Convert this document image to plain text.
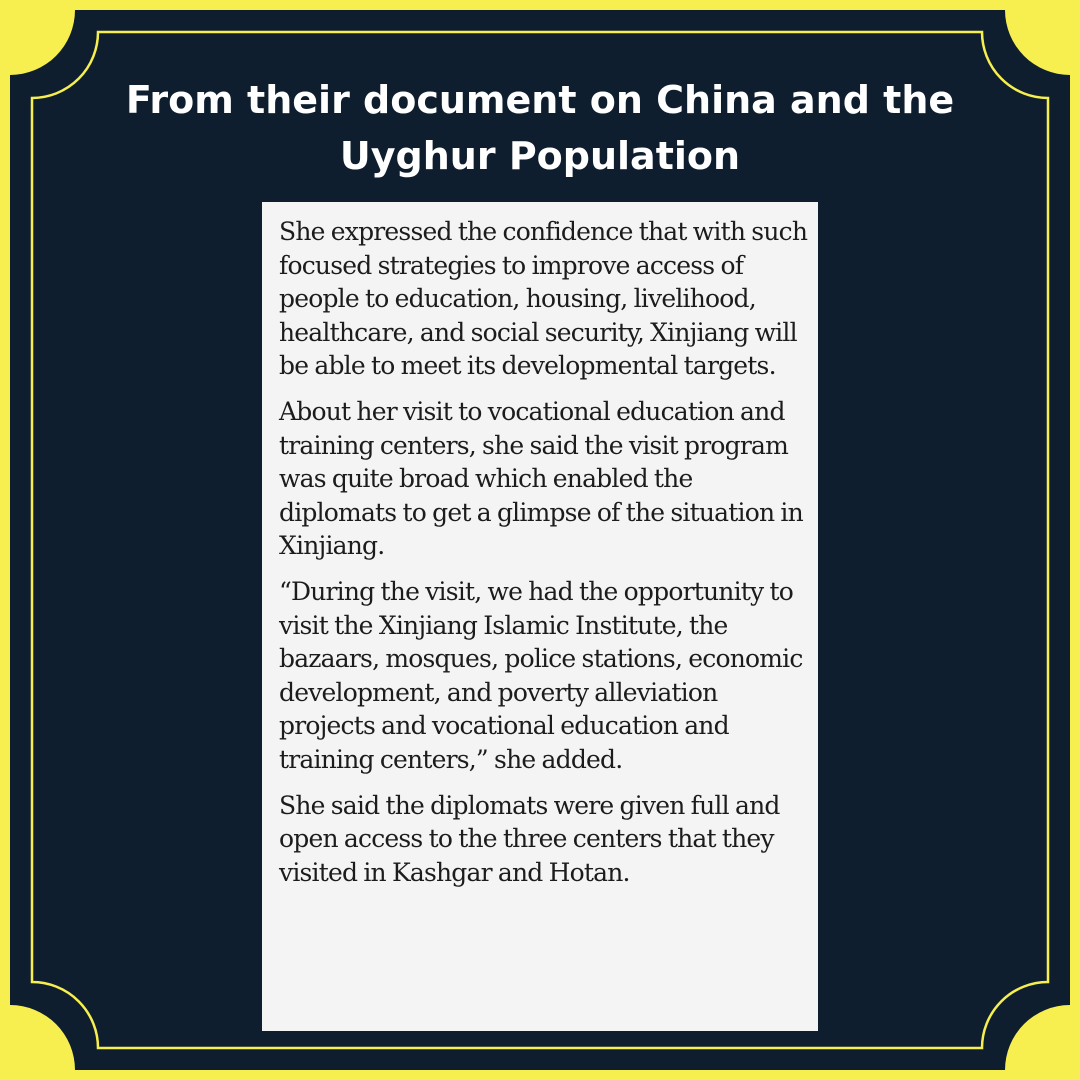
From their document on China and the Uyghur Population

She expressed the confidence that with such focused strategies to improve access of people to education, housing, livelihood, healthcare, and social security, Xinjiang will be able to meet its developmental targets.

About her visit to vocational education and training centers, she said the visit program was quite broad which enabled the diplomats to get a glimpse of the situation in Xinjiang.

“During the visit, we had the opportunity to visit the Xinjiang Islamic Institute, the bazaars, mosques, police stations, economic development, and poverty alleviation projects and vocational education and training centers,” she added.

She said the diplomats were given full and open access to the three centers that they visited in Kashgar and Hotan.
